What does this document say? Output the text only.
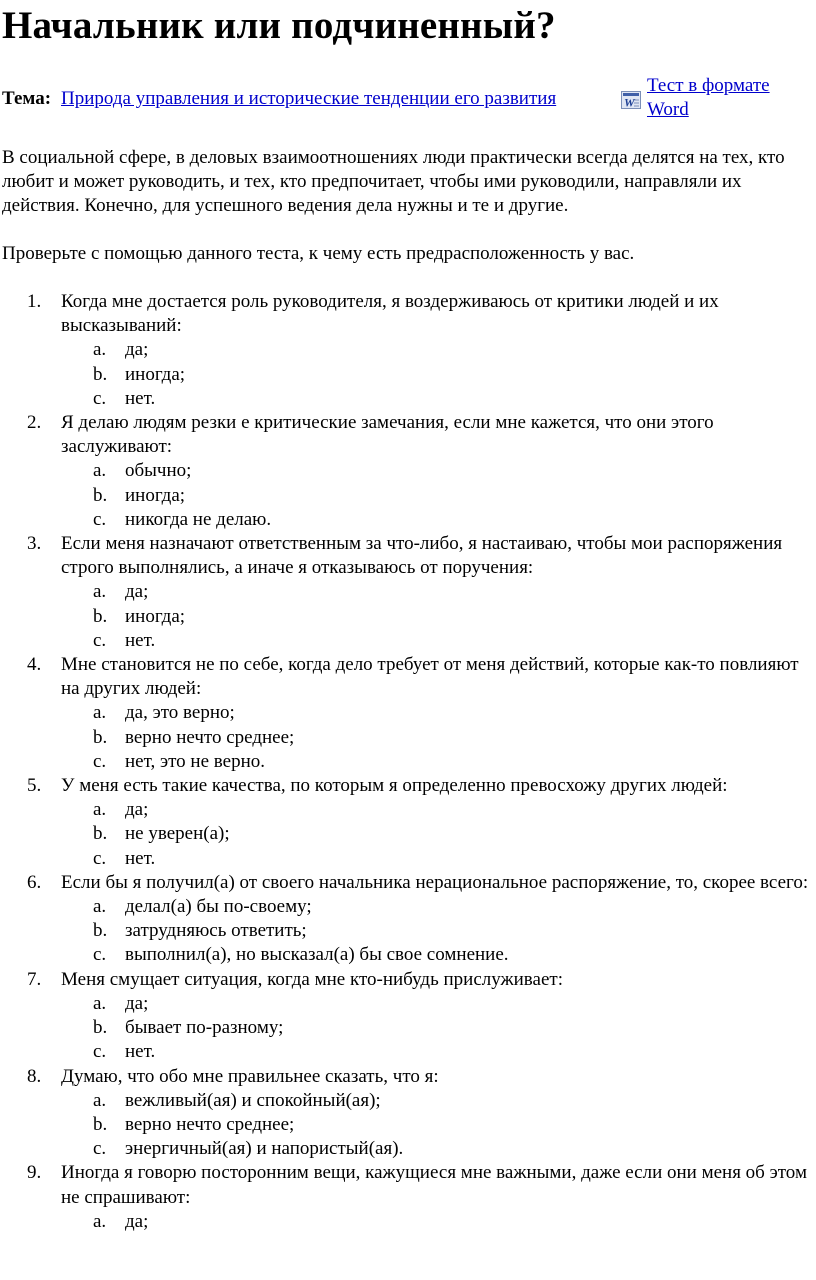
Начальник или подчиненный?
Тема: Природа управления и исторические тенденции его развития	W
Тест в формате Word

В социальной сфере, в деловых взаимоотношениях люди практически всегда делятся на тех, кто любит и может руководить, и тех, кто предпочитает, чтобы ими руководили, направляли их действия. Конечно, для успешного ведения дела нужны и те и другие.

Проверьте с помощью данного теста, к чему есть предрасположенность у вас.

1.	Когда мне достается роль руководителя, я воздерживаюсь от критики людей и их высказываний:
a. да;
b. иногда;
c. нет.
2.	Я делаю людям резки е критические замечания, если мне кажется, что они этого заслуживают:
a. обычно;
b. иногда;
c. никогда не делаю.
3.	Если меня назначают ответственным за что-либо, я настаиваю, чтобы мои распоряжения строго выполнялись, а иначе я отказываюсь от поручения:
a. да;
b. иногда;
c. нет.
4.	Мне становится не по себе, когда дело требует от меня действий, которые как-то повлияют на других людей:
a. да, это верно;
b. верно нечто среднее;
c. нет, это не верно.
5.	У меня есть такие качества, по которым я определенно превосхожу других людей:
a. да;
b. не уверен(а);
c. нет.
6.	Если бы я получил(а) от своего начальника нерациональное распоряжение, то, скорее всего:
a. делал(а) бы по-своему;
b. затрудняюсь ответить;
c. выполнил(а), но высказал(а) бы свое сомнение.
7.	Меня смущает ситуация, когда мне кто-нибудь прислуживает:
a. да;
b. бывает по-разному;
c. нет.
8.	Думаю, что обо мне правильнее сказать, что я:
a. вежливый(ая) и спокойный(ая);
b. верно нечто среднее;
c. энергичный(ая) и напористый(ая).
9.	Иногда я говорю посторонним вещи, кажущиеся мне важными, даже если они меня об этом не спрашивают:
a. да;
